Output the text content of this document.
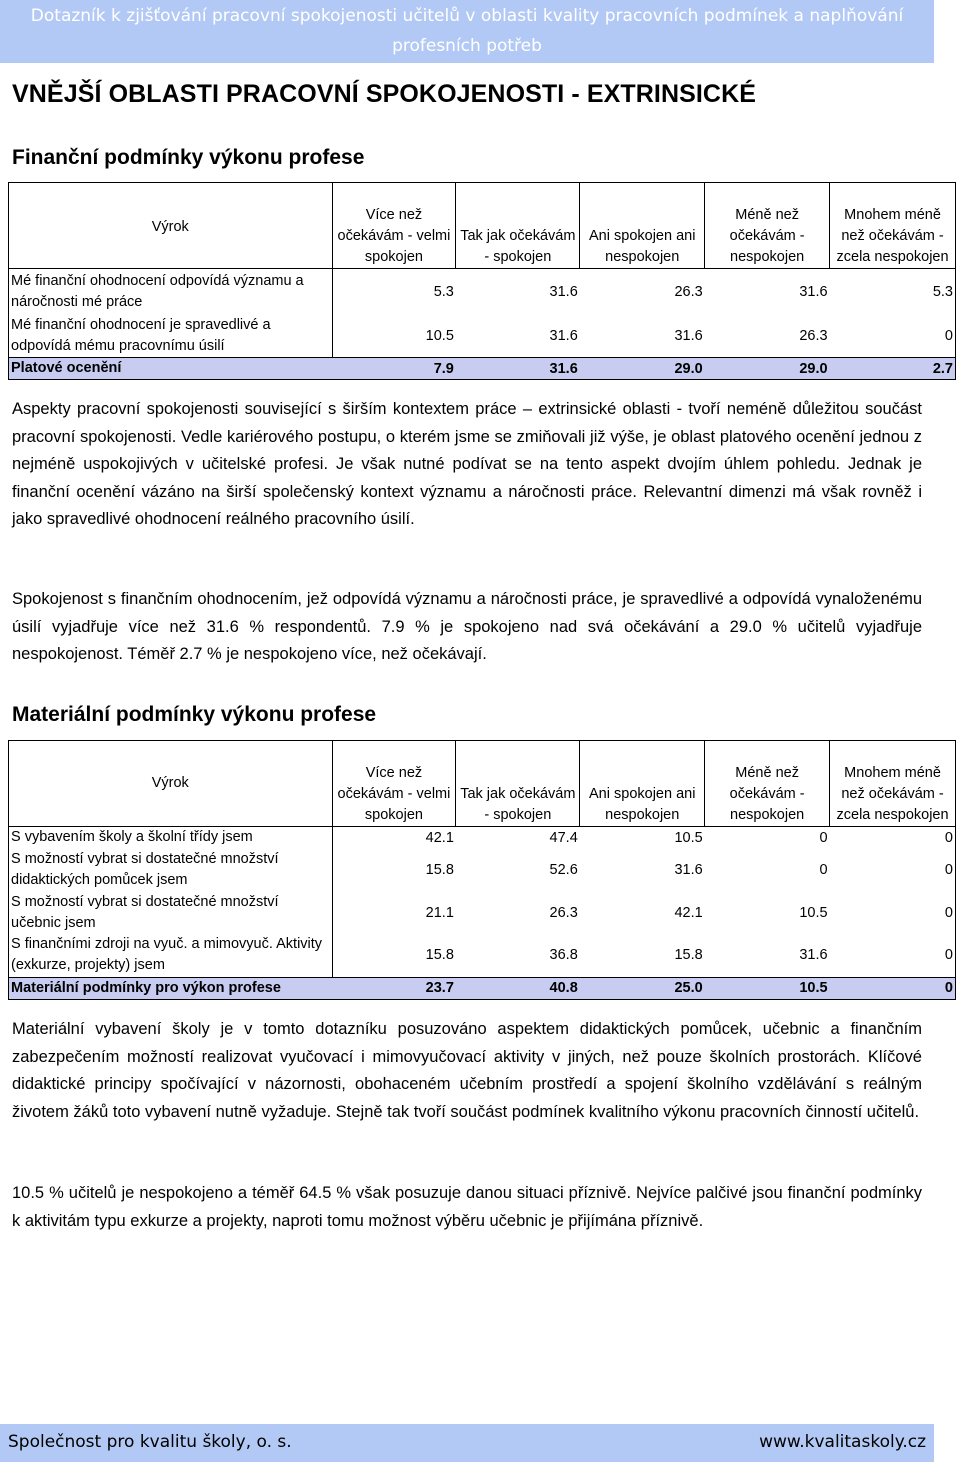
Dotazník k zjišťování pracovní spokojenosti učitelů v oblasti kvality pracovních podmínek a naplňování
profesních potřeb
VNĚJŠÍ OBLASTI PRACOVNÍ SPOKOJENOSTI - EXTRINSICKÉ
Finanční podmínky výkonu profese
Výrok	Více než očekávám - velmi spokojen	Tak jak očekávám - spokojen	Ani spokojen ani nespokojen	Méně než očekávám - nespokojen	Mnohem méně než očekávám - zcela nespokojen
Mé finanční ohodnocení odpovídá významu a náročnosti mé práce	5.3	31.6	26.3	31.6	5.3
Mé finanční ohodnocení je spravedlivé a odpovídá mému pracovnímu úsilí	10.5	31.6	31.6	26.3	0
Platové ocenění	7.9	31.6	29.0	29.0	2.7

Aspekty pracovní spokojenosti související s širším kontextem práce – extrinsické oblasti - tvoří neméně důležitou součást pracovní spokojenosti. Vedle kariérového postupu, o kterém jsme se zmiňovali již výše, je oblast platového ocenění jednou z nejméně uspokojivých v učitelské profesi. Je však nutné podívat se na tento aspekt dvojím úhlem pohledu. Jednak je finanční ocenění vázáno na širší společenský kontext významu a náročnosti práce. Relevantní dimenzi má však rovněž i jako spravedlivé ohodnocení reálného pracovního úsilí.

Spokojenost s finančním ohodnocením, jež odpovídá významu a náročnosti práce, je spravedlivé a odpovídá vynaloženému úsilí vyjadřuje více než 31.6 % respondentů. 7.9 % je spokojeno nad svá očekávání a 29.0 % učitelů vyjadřuje nespokojenost. Téměř 2.7 % je nespokojeno více, než očekávají.

Materiální podmínky výkonu profese
Výrok	Více než očekávám - velmi spokojen	Tak jak očekávám - spokojen	Ani spokojen ani nespokojen	Méně než očekávám - nespokojen	Mnohem méně než očekávám - zcela nespokojen
S vybavením školy a školní třídy jsem	42.1	47.4	10.5	0	0
S možností vybrat si dostatečné množství didaktických pomůcek jsem	15.8	52.6	31.6	0	0
S možností vybrat si dostatečné množství učebnic jsem	21.1	26.3	42.1	10.5	0
S finančními zdroji na vyuč. a mimovyuč. Aktivity (exkurze, projekty) jsem	15.8	36.8	15.8	31.6	0
Materiální podmínky pro výkon profese	23.7	40.8	25.0	10.5	0

Materiální vybavení školy je v tomto dotazníku posuzováno aspektem didaktických pomůcek, učebnic a finančním zabezpečením možností realizovat vyučovací i mimovyučovací aktivity v jiných, než pouze školních prostorách. Klíčové didaktické principy spočívající v názornosti, obohaceném učebním prostředí a spojení školního vzdělávání s reálným životem žáků toto vybavení nutně vyžaduje. Stejně tak tvoří součást podmínek kvalitního výkonu pracovních činností učitelů.

10.5 % učitelů je nespokojeno a téměř 64.5 % však posuzuje danou situaci příznivě. Nejvíce palčivé jsou finanční podmínky k aktivitám typu exkurze a projekty, naproti tomu možnost výběru učebnic je přijímána příznivě.

Společnost pro kvalitu školy, o. s.	www.kvalitaskoly.cz
